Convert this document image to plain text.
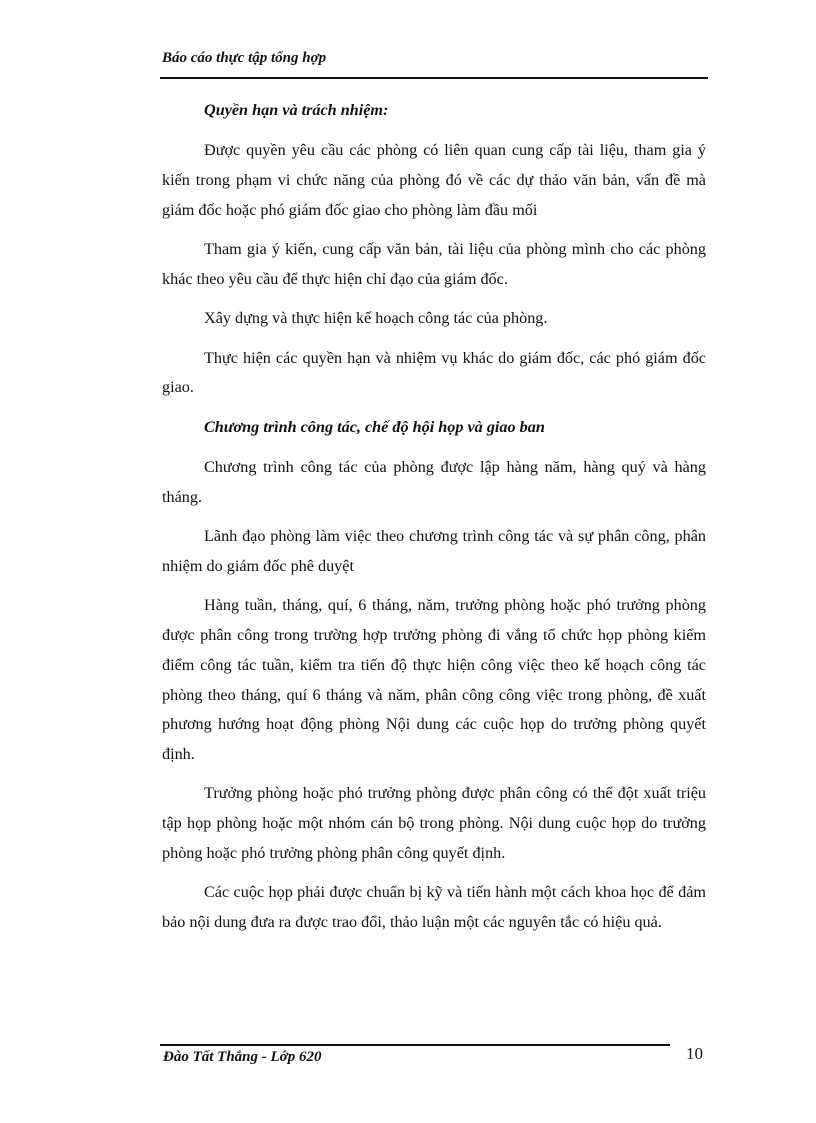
Báo cáo thực tập tổng hợp

Quyền hạn và trách nhiệm:

Được quyền yêu cầu các phòng có liên quan cung cấp tài liệu, tham gia ý kiến trong phạm vi chức năng của phòng đó về các dự thảo văn bản, vấn đề mà giám đốc hoặc phó giám đốc giao cho phòng làm đầu mối

Tham gia ý kiến, cung cấp văn bản, tài liệu của phòng mình cho các phòng khác theo yêu cầu để thực hiện chỉ đạo của giám đốc.

Xây dựng và thực hiện kế hoạch công tác của phòng.

Thực hiện các quyền hạn và nhiệm vụ khác do giám đốc, các phó giám đốc giao.

Chương trình công tác, chế độ hội họp và giao ban

Chương trình công tác của phòng được lập hàng năm, hàng quý và hàng tháng.

Lãnh đạo phòng làm việc theo chương trình công tác và sự phân công, phân nhiệm do giám đốc phê duyệt

Hàng tuần, tháng, quí, 6 tháng, năm, trưởng phòng hoặc phó trưởng phòng được phân công trong trường hợp trưởng phòng đi vắng tổ chức họp phòng kiểm điểm công tác tuần, kiểm tra tiến độ thực hiện công việc theo kế hoạch công tác phòng theo tháng, quí 6 tháng và năm, phân công công việc trong phòng, đề xuất phương hướng hoạt động phòng Nội dung các cuộc họp do trưởng phòng quyết định.

Trưởng phòng hoặc phó trưởng phòng được phân công có thể đột xuất triệu tập họp phòng hoặc một nhóm cán bộ trong phòng. Nội dung cuộc họp do trưởng phòng hoặc phó trưởng phòng phân công quyết định.

Các cuộc họp phải được chuẩn bị kỹ và tiến hành một cách khoa học để đảm bảo nội dung đưa ra được trao đổi, thảo luận một các nguyên tắc có hiệu quả.

Đào Tất Thắng - Lớp 620	10
